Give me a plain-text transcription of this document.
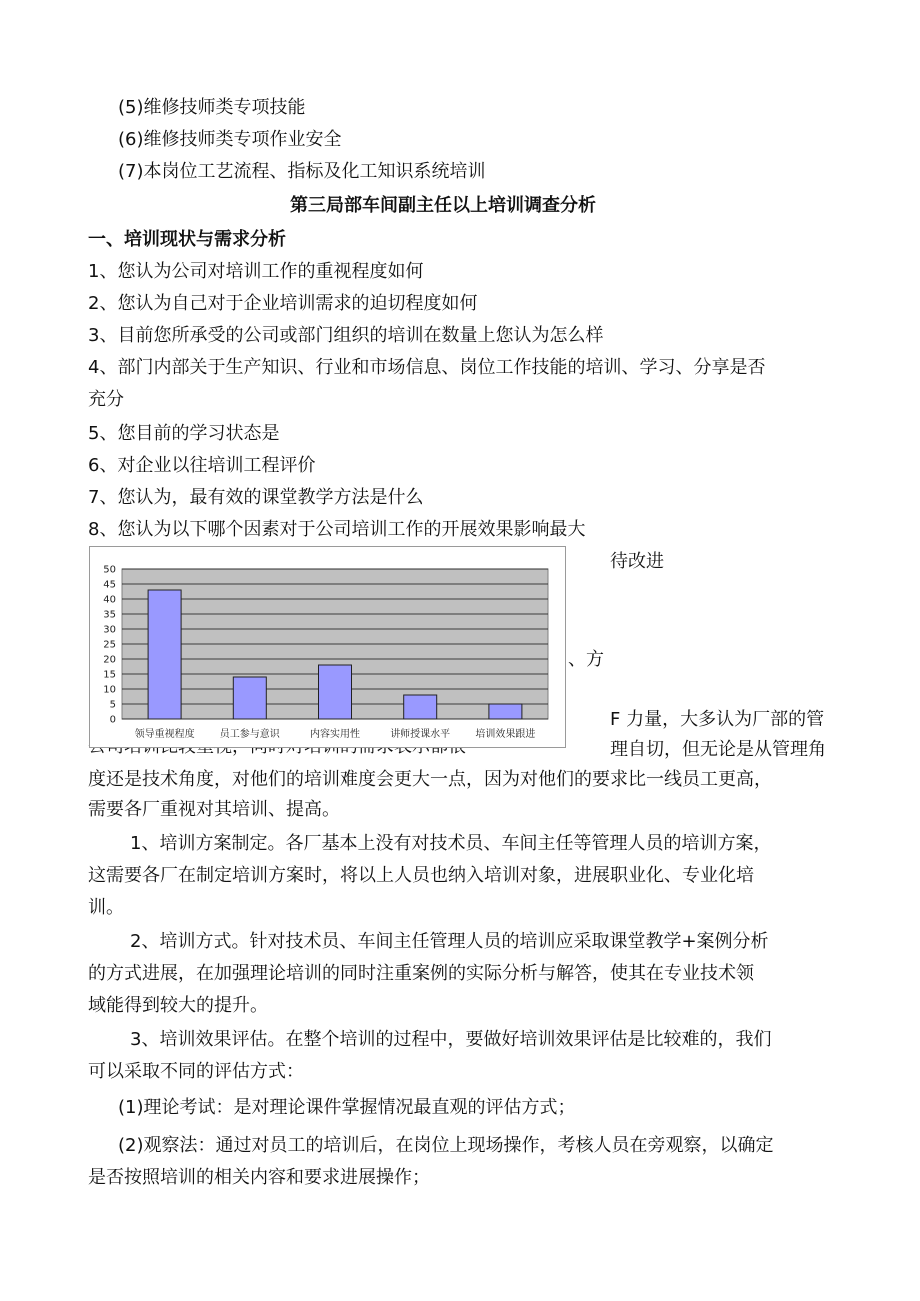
(5)维修技师类专项技能
(6)维修技师类专项作业安全
(7)本岗位工艺流程、指标及化工知识系统培训
第三局部车间副主任以上培训调查分析
一、培训现状与需求分析
1、您认为公司对培训工作的重视程度如何
2、您认为自己对于企业培训需求的迫切程度如何
3、目前您所承受的公司或部门组织的培训在数量上您认为怎么样
4、部门内部关于生产知识、行业和市场信息、岗位工作技能的培训、学习、分享是否
充分
5、您目前的学习状态是
6、对企业以往培训工程评价
7、您认为，最有效的课堂教学方法是什么
8、您认为以下哪个因素对于公司培训工作的开展效果影响最大
待改进
、方
F 力量，大多认为厂部的管
理自切，但无论是从管理角
0
5
10
15
20
25
30
35
40
45
50
领导重视程度	员工参与意识	内容实用性	讲师授课水平	培训效果跟进
度还是技术角度，对他们的培训难度会更大一点，因为对他们的要求比一线员工更高，
需要各厂重视对其培训、提高。
1、培训方案制定。各厂基本上没有对技术员、车间主任等管理人员的培训方案，
这需要各厂在制定培训方案时，将以上人员也纳入培训对象，进展职业化、专业化培
训。
2、培训方式。针对技术员、车间主任管理人员的培训应采取课堂教学+案例分析
的方式进展，在加强理论培训的同时注重案例的实际分析与解答，使其在专业技术领
域能得到较大的提升。
3、培训效果评估。在整个培训的过程中，要做好培训效果评估是比较难的，我们
可以采取不同的评估方式：
(1)理论考试：是对理论课件掌握情况最直观的评估方式；
(2)观察法：通过对员工的培训后，在岗位上现场操作，考核人员在旁观察，以确定
是否按照培训的相关内容和要求进展操作；
